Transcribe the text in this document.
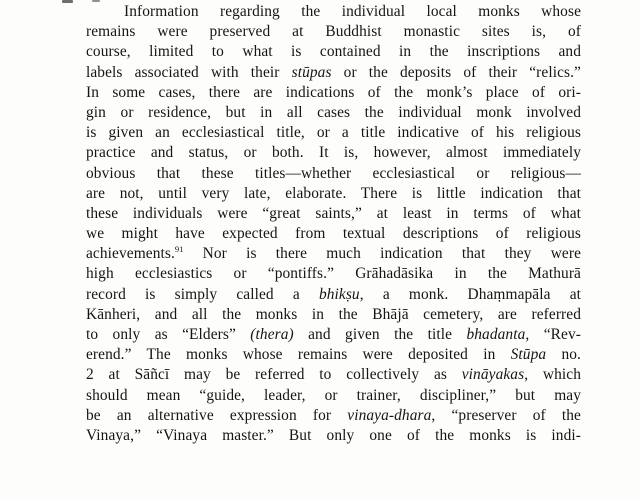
Information regarding the individual local monks whose
remains were preserved at Buddhist monastic sites is, of
course, limited to what is contained in the inscriptions and
labels associated with their stūpas or the deposits of their “relics.”
In some cases, there are indications of the monk’s place of ori-
gin or residence, but in all cases the individual monk involved
is given an ecclesiastical title, or a title indicative of his religious
practice and status, or both. It is, however, almost immediately
obvious that these titles—whether ecclesiastical or religious—
are not, until very late, elaborate. There is little indication that
these individuals were “great saints,” at least in terms of what
we might have expected from textual descriptions of religious
achievements.$^{91}$ Nor is there much indication that they were
high ecclesiastics or “pontiffs.” Grāhadāsika in the Mathurā
record is simply called a bhikṣu, a monk. Dhaṃmapāla at
Kānheri, and all the monks in the Bhājā cemetery, are referred
to only as “Elders” (thera) and given the title bhadanta, “Rev-
erend.” The monks whose remains were deposited in Stūpa no.
2 at Sāñcī may be referred to collectively as vināyakas, which
should mean “guide, leader, or trainer, discipliner,” but may
be an alternative expression for vinaya-dhara, “preserver of the
Vinaya,” “Vinaya master.” But only one of the monks is indi-
